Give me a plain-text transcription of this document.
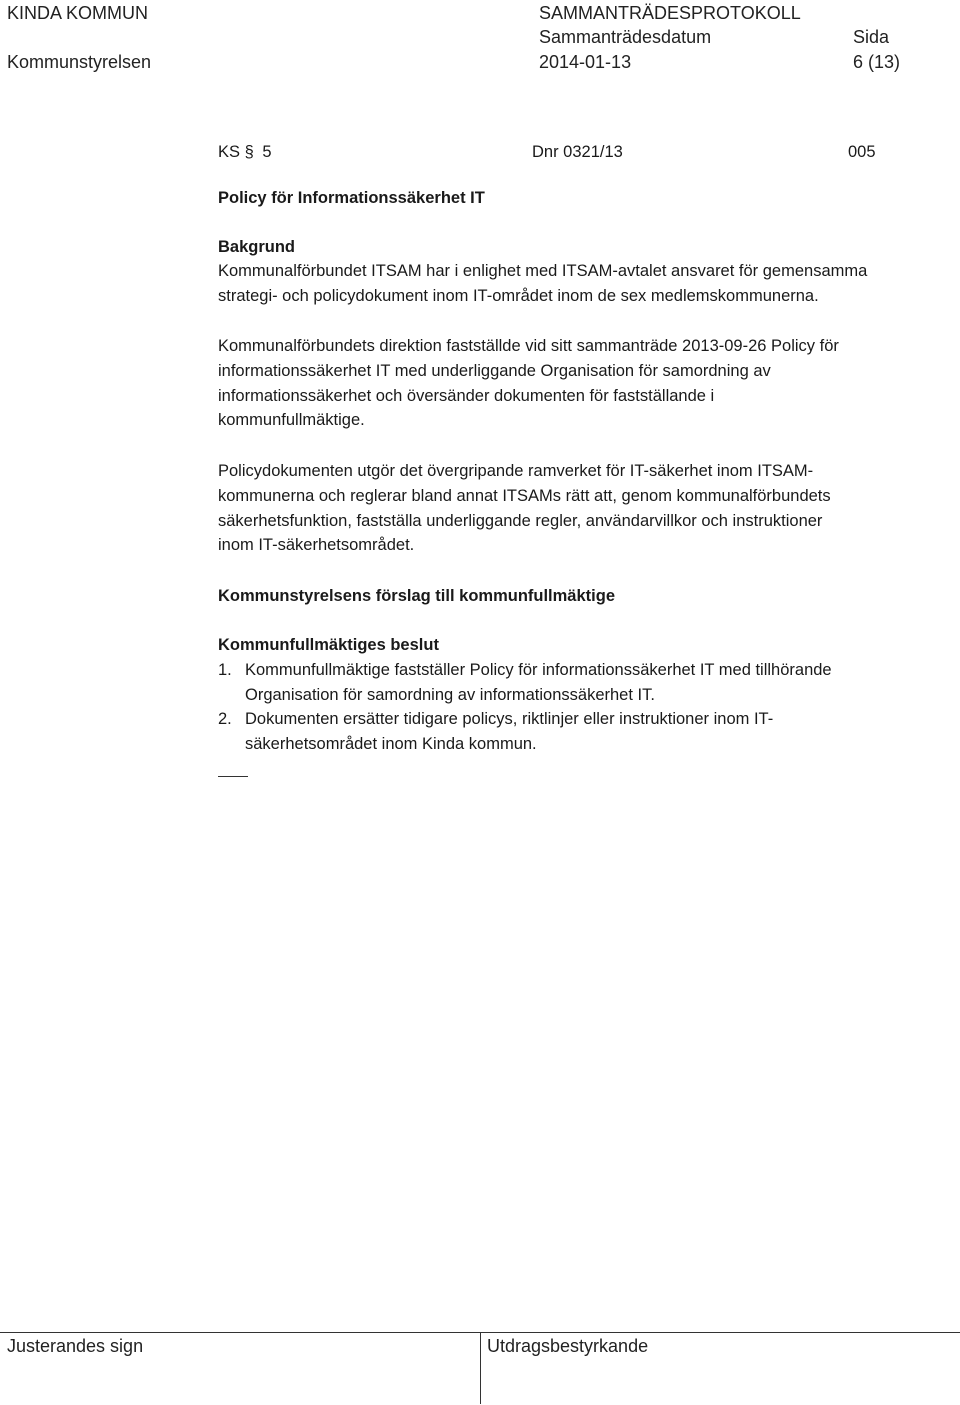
KINDA KOMMUN
Kommunstyrelsen
SAMMANTRÄDESPROTOKOLL
Sammanträdesdatum
2014-01-13
Sida
6 (13)
KS § 5	Dnr 0321/13	005
Policy för Informationssäkerhet IT
Bakgrund
Kommunalförbundet ITSAM har i enlighet med ITSAM-avtalet ansvaret för gemensamma
strategi- och policydokument inom IT-området inom de sex medlemskommunerna.
Kommunalförbundets direktion fastställde vid sitt sammanträde 2013-09-26 Policy för
informationssäkerhet IT med underliggande Organisation för samordning av
informationssäkerhet och översänder dokumenten för fastställande i
kommunfullmäktige.
Policydokumenten utgör det övergripande ramverket för IT-säkerhet inom ITSAM-
kommunerna och reglerar bland annat ITSAMs rätt att, genom kommunalförbundets
säkerhetsfunktion, fastställa underliggande regler, användarvillkor och instruktioner
inom IT-säkerhetsområdet.
Kommunstyrelsens förslag till kommunfullmäktige
Kommunfullmäktiges beslut
1. Kommunfullmäktige fastställer Policy för informationssäkerhet IT med tillhörande
Organisation för samordning av informationssäkerhet IT.
2. Dokumenten ersätter tidigare policys, riktlinjer eller instruktioner inom IT-
säkerhetsområdet inom Kinda kommun.
Justerandes sign	Utdragsbestyrkande
